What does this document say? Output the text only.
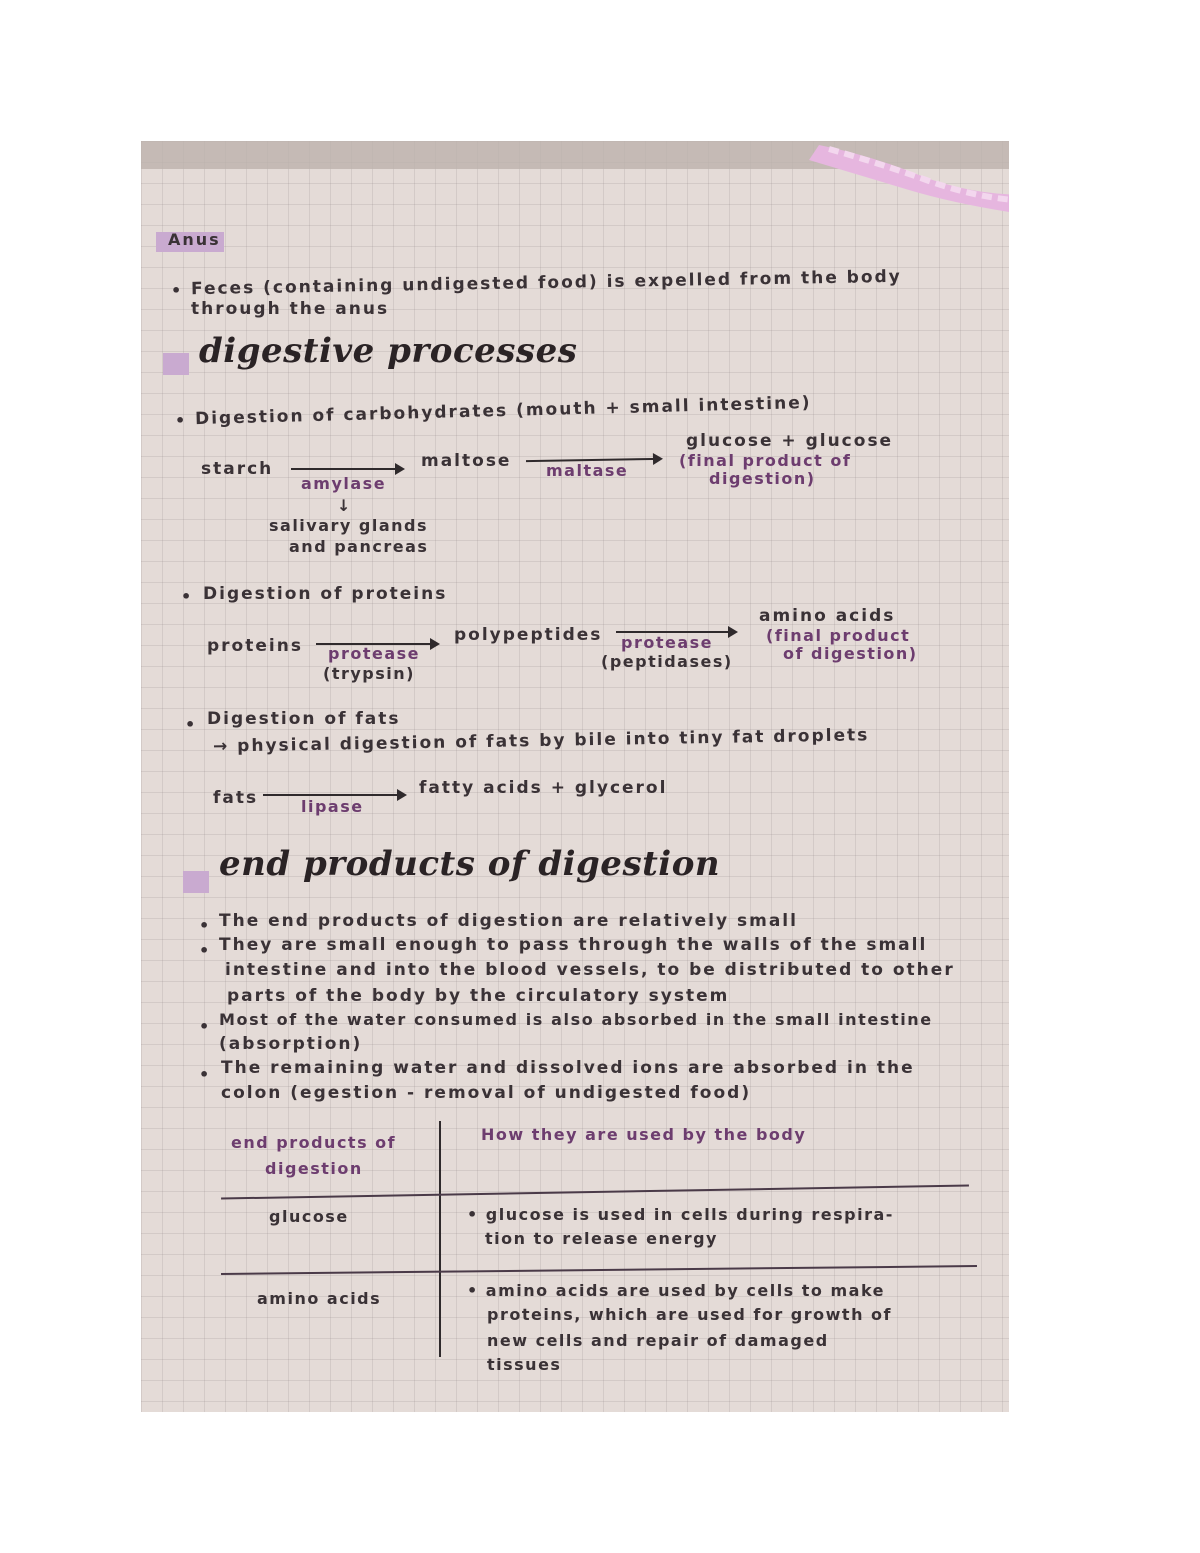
Anus
• Feces (containing undigested food) is expelled from the body
through the anus
digestive processes
• Digestion of carbohydrates (mouth + small intestine)
starch
amylase
maltose maltase
glucose + glucose
(final product of
digestion)
↓
salivary glands
and pancreas
• Digestion of proteins
proteins protease
(trypsin)
polypeptides protease
(peptidases)
amino acids
(final product
of digestion)
• Digestion of fats
→ physical digestion of fats by bile into tiny fat droplets
fats	lipase
fatty acids + glycerol
end products of digestion
• The end products of digestion are relatively small
• They are small enough to pass through the walls of the small
intestine and into the blood vessels, to be distributed to other
parts of the body by the circulatory system
• Most of the water consumed is also absorbed in the small intestine
(absorption)
• The remaining water and dissolved ions are absorbed in the
colon (egestion - removal of undigested food)
end products of
digestion
How they are used by the body
glucose	• glucose is used in cells during respira-
tion to release energy
amino acids	• amino acids are used by cells to make
proteins, which are used for growth of
new cells and repair of damaged
tissues
